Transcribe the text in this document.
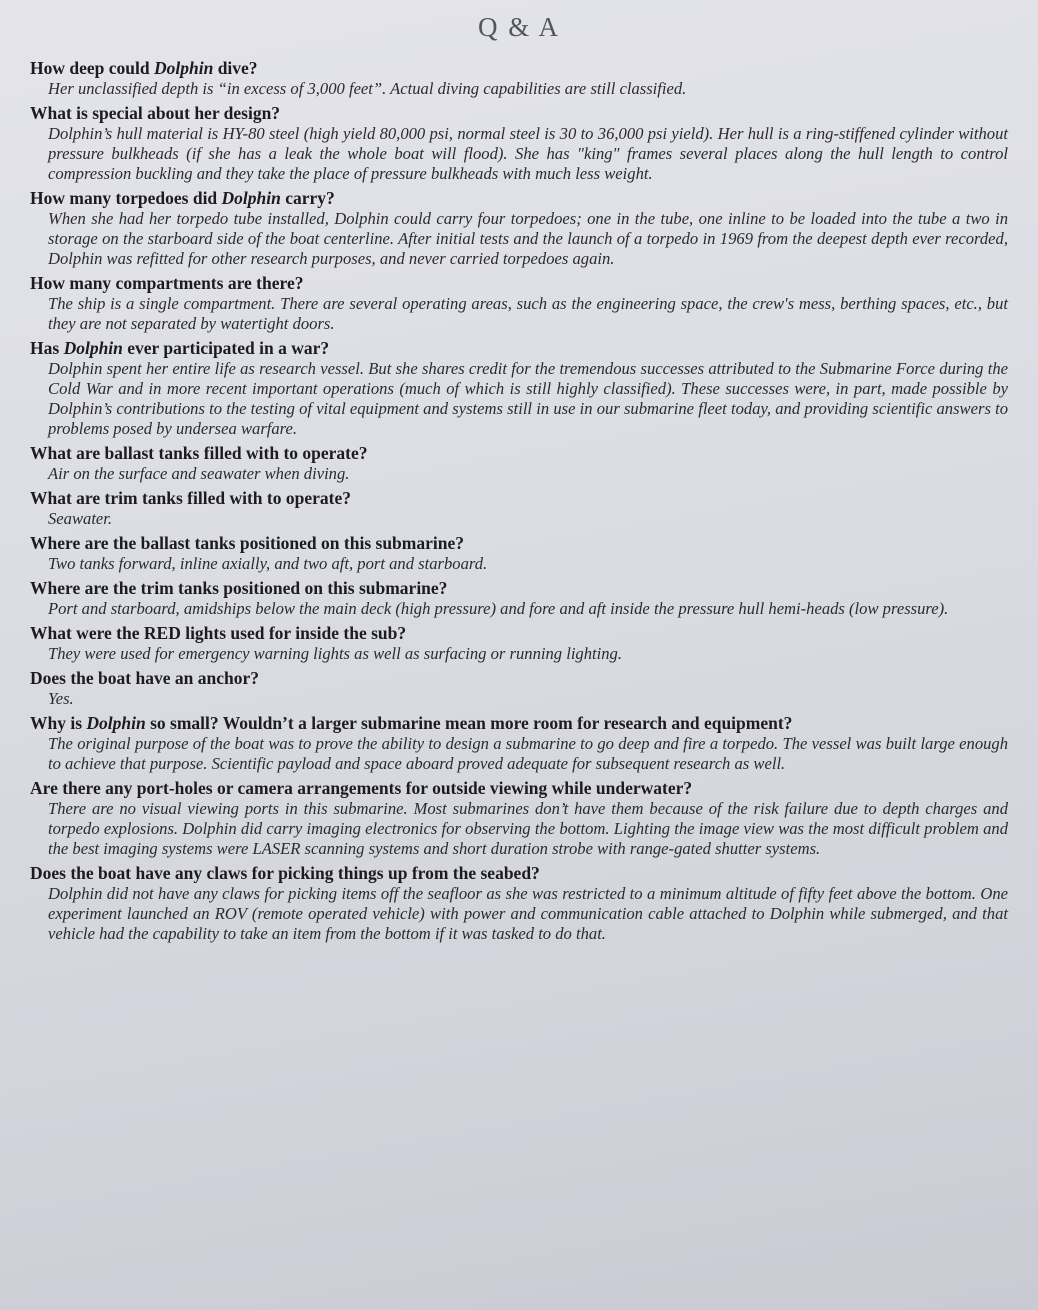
Q & A

How deep could Dolphin dive?

Her unclassified depth is “in excess of 3,000 feet”. Actual diving capabilities are still classified.

What is special about her design?

Dolphin’s hull material is HY-80 steel (high yield 80,000 psi, normal steel is 30 to 36,000 psi yield). Her hull is a ring-stiffened cylinder without pressure bulkheads (if she has a leak the whole boat will flood). She has "king" frames several places along the hull length to control compression buckling and they take the place of pressure bulkheads with much less weight.

How many torpedoes did Dolphin carry?

When she had her torpedo tube installed, Dolphin could carry four torpedoes; one in the tube, one inline to be loaded into the tube a two in storage on the starboard side of the boat centerline. After initial tests and the launch of a torpedo in 1969 from the deepest depth ever recorded, Dolphin was refitted for other research purposes, and never carried torpedoes again.

How many compartments are there?

The ship is a single compartment. There are several operating areas, such as the engineering space, the crew's mess, berthing spaces, etc., but they are not separated by watertight doors.

Has Dolphin ever participated in a war?

Dolphin spent her entire life as research vessel. But she shares credit for the tremendous successes attributed to the Submarine Force during the Cold War and in more recent important operations (much of which is still highly classified). These successes were, in part, made possible by Dolphin’s contributions to the testing of vital equipment and systems still in use in our submarine fleet today, and providing scientific answers to problems posed by undersea warfare.

What are ballast tanks filled with to operate?

Air on the surface and seawater when diving.

What are trim tanks filled with to operate?

Seawater.

Where are the ballast tanks positioned on this submarine?

Two tanks forward, inline axially, and two aft, port and starboard.

Where are the trim tanks positioned on this submarine?

Port and starboard, amidships below the main deck (high pressure) and fore and aft inside the pressure hull hemi-heads (low pressure).

What were the RED lights used for inside the sub?

They were used for emergency warning lights as well as surfacing or running lighting.

Does the boat have an anchor?

Yes.

Why is Dolphin so small? Wouldn’t a larger submarine mean more room for research and equipment?

The original purpose of the boat was to prove the ability to design a submarine to go deep and fire a torpedo. The vessel was built large enough to achieve that purpose. Scientific payload and space aboard proved adequate for subsequent research as well.

Are there any port-holes or camera arrangements for outside viewing while underwater?

There are no visual viewing ports in this submarine. Most submarines don’t have them because of the risk failure due to depth charges and torpedo explosions. Dolphin did carry imaging electronics for observing the bottom. Lighting the image view was the most difficult problem and the best imaging systems were LASER scanning systems and short duration strobe with range-gated shutter systems.

Does the boat have any claws for picking things up from the seabed?

Dolphin did not have any claws for picking items off the seafloor as she was restricted to a minimum altitude of fifty feet above the bottom. One experiment launched an ROV (remote operated vehicle) with power and communication cable attached to Dolphin while submerged, and that vehicle had the capability to take an item from the bottom if it was tasked to do that.
